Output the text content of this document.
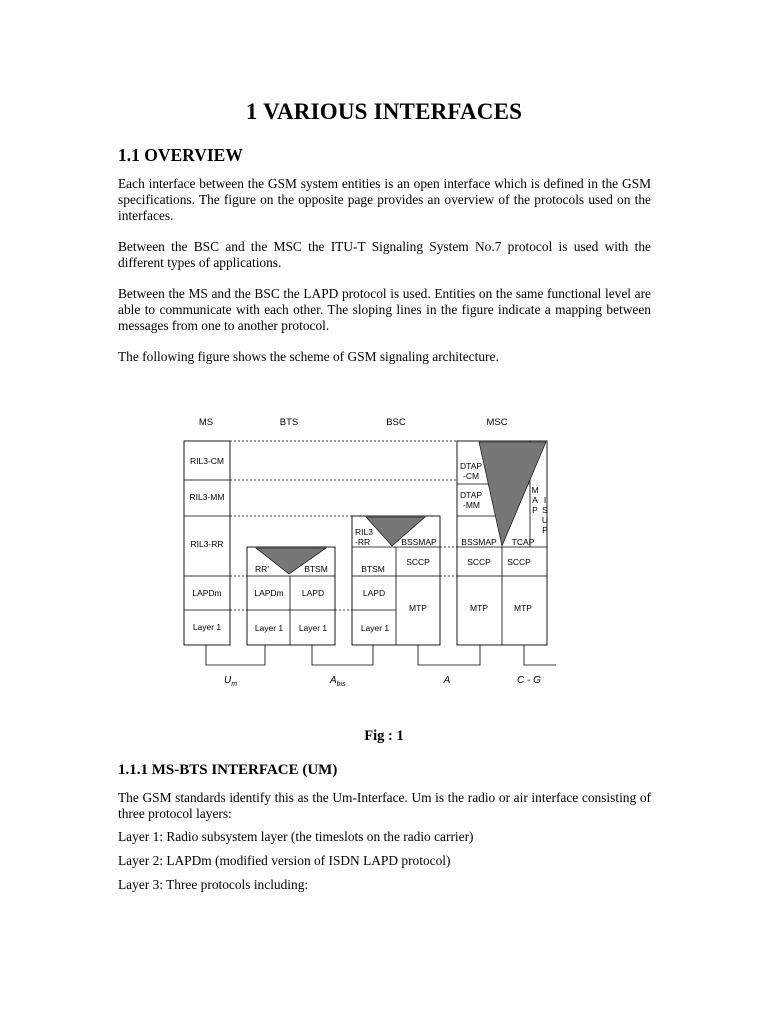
1 VARIOUS INTERFACES
1.1 OVERVIEW
Each interface between the GSM system entities is an open interface which is defined in the GSM specifications. The figure on the opposite page provides an overview of the protocols used on the interfaces.
Between the BSC and the MSC the ITU-T Signaling System No.7 protocol is used with the different types of applications.
Between the MS and the BSC the LAPD protocol is used. Entities on the same functional level are able to communicate with each other. The sloping lines in the figure indicate a mapping between messages from one to another protocol.
The following figure shows the scheme of GSM signaling architecture.
MS	BTS	BSC	MSC
RIL3-CM
RIL3-MM
RIL3-RR
LAPDm
Layer 1
RR'	BTSM
LAPDm LAPD
Layer 1 Layer 1
RIL3
-RR	BSSMAP
BTSM
SCCP
LAPD
MTP
Layer 1
DTAP
-CM
DTAP
-MM
M
A
P
I
S
U
P
BSSMAP TCAP
SCCP SCCP
MTP	MTP
$U_m$	$A_{bis}$	A	C - G
Fig : 1
1.1.1 MS-BTS INTERFACE (UM)
The GSM standards identify this as the Um-Interface. Um is the radio or air interface consisting of three protocol layers:
Layer 1: Radio subsystem layer (the timeslots on the radio carrier)
Layer 2: LAPDm (modified version of ISDN LAPD protocol)
Layer 3: Three protocols including:
